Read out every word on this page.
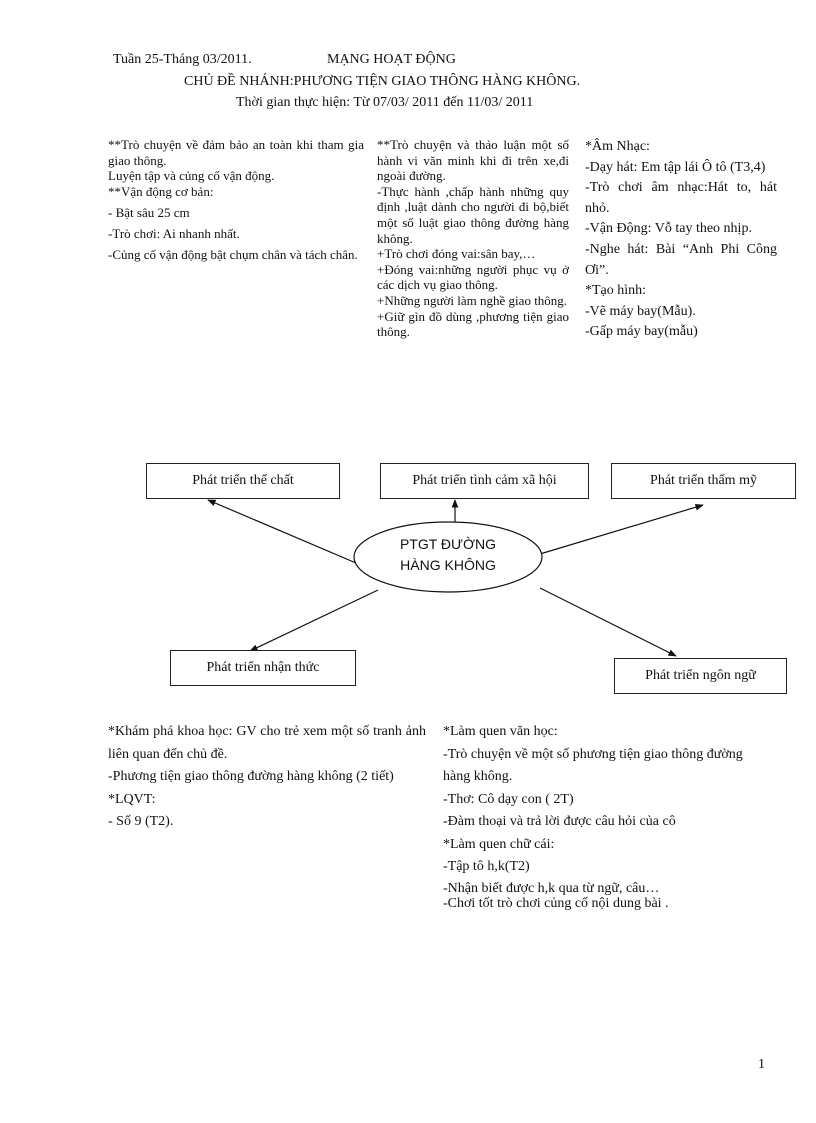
Tuần 25-Tháng 03/2011.	MẠNG HOẠT ĐỘNG
CHỦ ĐỀ NHÁNH:PHƯƠNG TIỆN GIAO THÔNG HÀNG KHÔNG.
Thời gian thực hiện: Từ 07/03/ 2011 đến 11/03/ 2011
**Trò chuyện về đảm bảo an toàn khi tham gia giao thông.
Luyện tập và củng cố vận động.
**Vận động cơ bản:
- Bật sâu 25 cm
-Trò chơi: Ai nhanh nhất.
-Củng cố vận động bật chụm chân và tách chân.
**Trò chuyện và thảo luận một số hành vi văn minh khi đi trên xe,đi ngoài đường.
-Thực hành ,chấp hành những quy định ,luật dành cho người đi bộ,biết một số luật giao thông đường hàng không.
+Trò chơi đóng vai:sân bay,…
+Đóng vai:những người phục vụ ở các dịch vụ giao thông.
+Những người làm nghề giao thông.
+Giữ gìn đồ dùng ,phương tiện giao thông.
*Âm Nhạc:
-Dạy hát: Em tập lái Ô tô (T3,4)
-Trò chơi âm nhạc:Hát to, hát nhỏ.
-Vận Động: Vỗ tay theo nhịp.
-Nghe hát: Bài “Anh Phi Công Ơi”.
*Tạo hình:
-Vẽ máy bay(Mẫu).
-Gấp máy bay(mẫu)
PTGT ĐƯỜNG
HÀNG KHÔNG
Phát triển thể chất	Phát triển tình cảm xã hội	Phát triển thẩm mỹ
Phát triển nhận thức
Phát triển ngôn ngữ
*Khám phá khoa học: GV cho trẻ xem một số tranh ảnh liên quan đến chủ đề.
-Phương tiện giao thông đường hàng không (2 tiết)
*LQVT:
- Số 9 (T2).
*Làm quen văn học:
-Trò chuyện về một số phương tiện giao thông đường hàng không.
-Thơ: Cô dạy con ( 2T)
-Đàm thoại và trả lời được câu hỏi của cô
*Làm quen chữ cái:
-Tập tô h,k(T2)
-Nhận biết được h,k qua từ ngữ, câu…
-Chơi tốt trò chơi củng cố nội dung bài .
1
